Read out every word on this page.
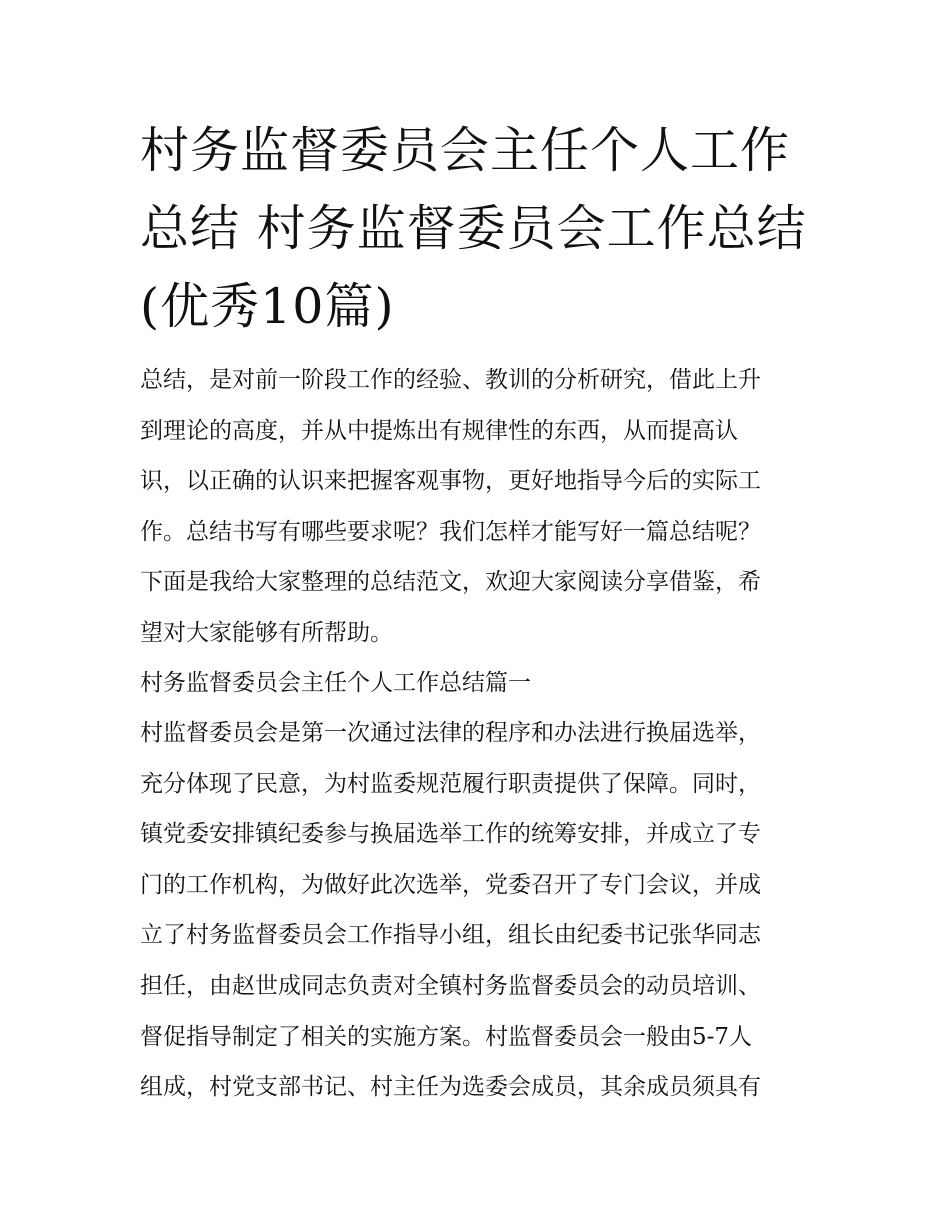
村务监督委员会主任个人工作
总结 村务监督委员会工作总结
(优秀10篇)
总结，是对前一阶段工作的经验、教训的分析研究，借此上升
到理论的高度，并从中提炼出有规律性的东西，从而提高认
识，以正确的认识来把握客观事物，更好地指导今后的实际工
作。总结书写有哪些要求呢？我们怎样才能写好一篇总结呢？
下面是我给大家整理的总结范文，欢迎大家阅读分享借鉴，希
望对大家能够有所帮助。
村务监督委员会主任个人工作总结篇一
村监督委员会是第一次通过法律的程序和办法进行换届选举，
充分体现了民意，为村监委规范履行职责提供了保障。同时，
镇党委安排镇纪委参与换届选举工作的统筹安排，并成立了专
门的工作机构，为做好此次选举，党委召开了专门会议，并成
立了村务监督委员会工作指导小组，组长由纪委书记张华同志
担任，由赵世成同志负责对全镇村务监督委员会的动员培训、
督促指导制定了相关的实施方案。村监督委员会一般由5-7人
组成，村党支部书记、村主任为选委会成员，其余成员须具有
